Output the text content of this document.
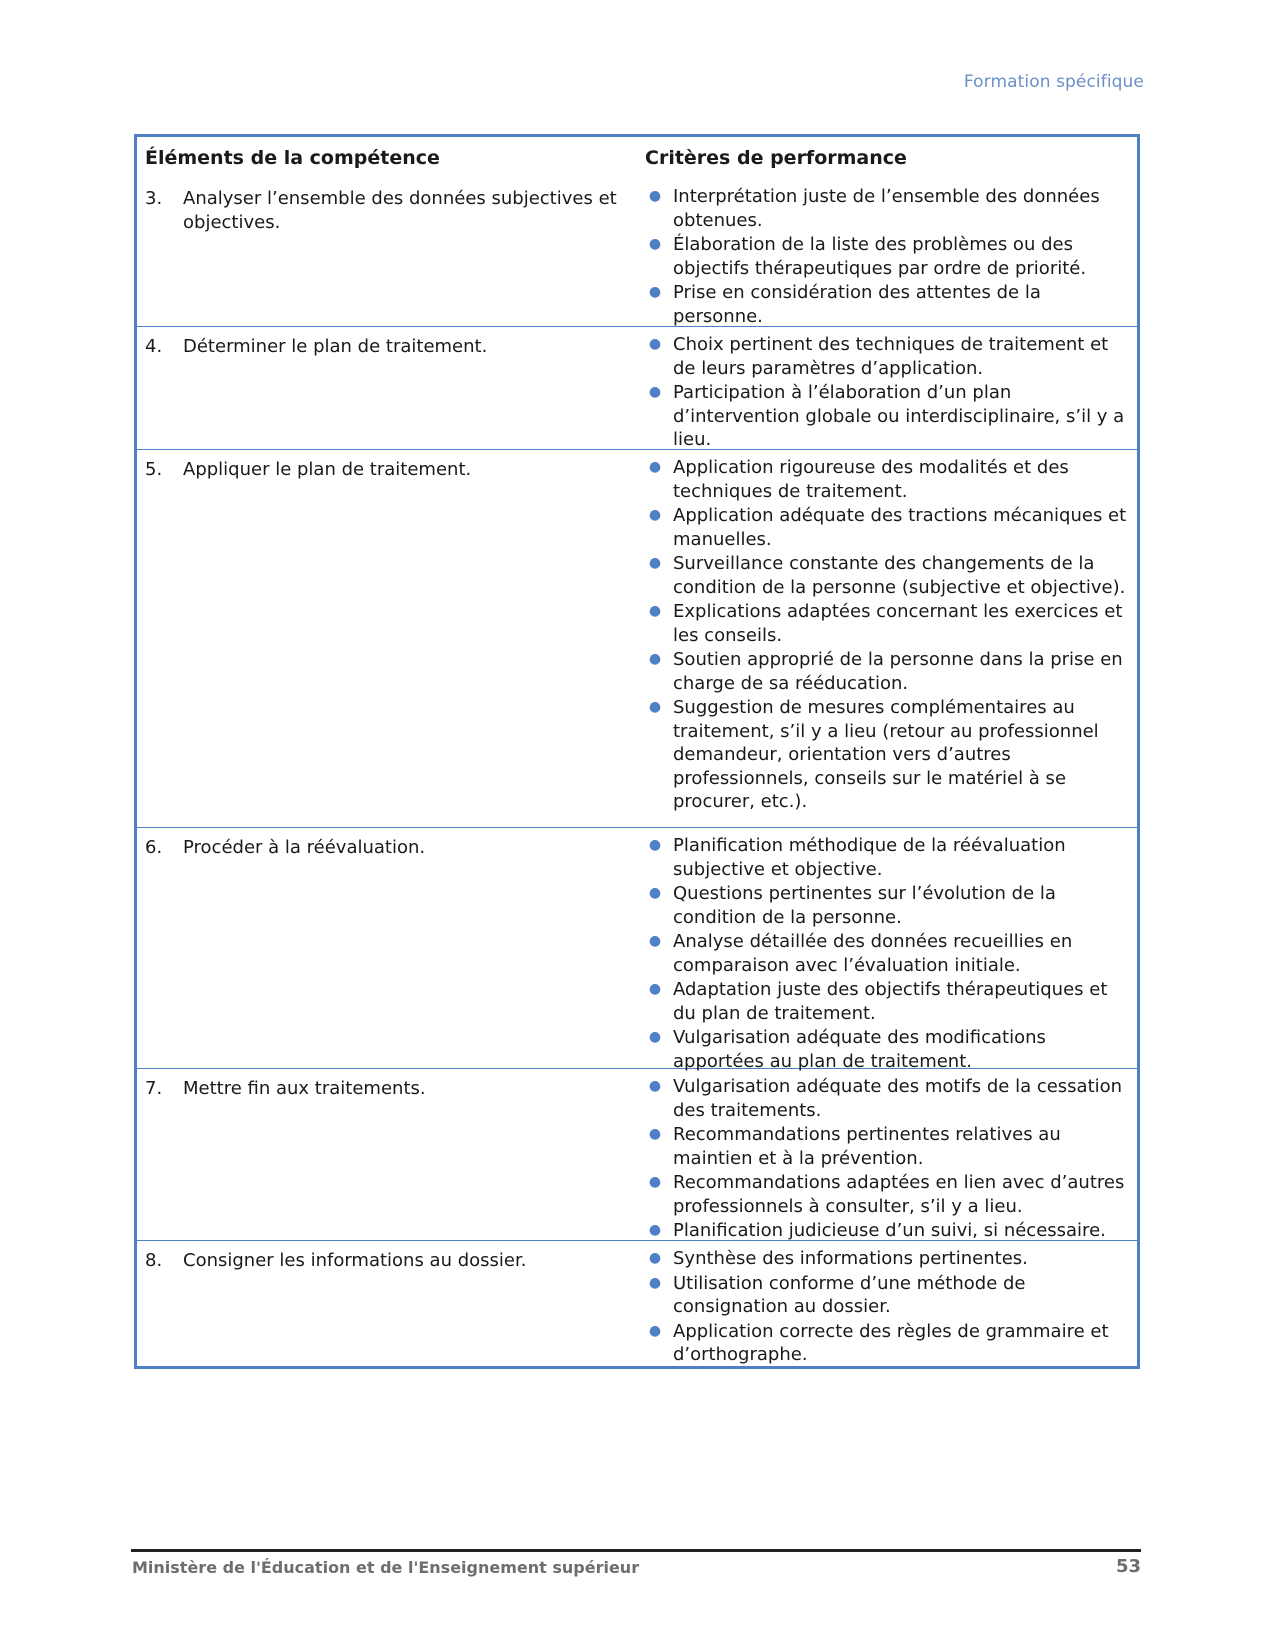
Formation spécifique
Éléments de la compétence	Critères de performance
3.	Analyser l’ensemble des données subjectives et objectives.
● Interprétation juste de l’ensemble des données obtenues.
● Élaboration de la liste des problèmes ou des objectifs thérapeutiques par ordre de priorité.
● Prise en considération des attentes de la personne.
4.	Déterminer le plan de traitement.	● Choix pertinent des techniques de traitement et de leurs paramètres d’application.
● Participation à l’élaboration d’un plan d’intervention globale ou interdisciplinaire, s’il y a lieu.
5.	Appliquer le plan de traitement.	● Application rigoureuse des modalités et des techniques de traitement.
● Application adéquate des tractions mécaniques et manuelles.
● Surveillance constante des changements de la condition de la personne (subjective et objective).
● Explications adaptées concernant les exercices et les conseils.
● Soutien approprié de la personne dans la prise en charge de sa rééducation.
● Suggestion de mesures complémentaires au traitement, s’il y a lieu (retour au professionnel demandeur, orientation vers d’autres professionnels, conseils sur le matériel à se procurer, etc.).
6.	Procéder à la réévaluation.	● Planification méthodique de la réévaluation subjective et objective.
● Questions pertinentes sur l’évolution de la condition de la personne.
● Analyse détaillée des données recueillies en comparaison avec l’évaluation initiale.
● Adaptation juste des objectifs thérapeutiques et du plan de traitement.
● Vulgarisation adéquate des modifications apportées au plan de traitement.
7.	Mettre fin aux traitements.	● Vulgarisation adéquate des motifs de la cessation des traitements.
● Recommandations pertinentes relatives au maintien et à la prévention.
● Recommandations adaptées en lien avec d’autres professionnels à consulter, s’il y a lieu.
● Planification judicieuse d’un suivi, si nécessaire.
8.	Consigner les informations au dossier.	● Synthèse des informations pertinentes.
● Utilisation conforme d’une méthode de consignation au dossier.
● Application correcte des règles de grammaire et d’orthographe.
Ministère de l'Éducation et de l'Enseignement supérieur	53
